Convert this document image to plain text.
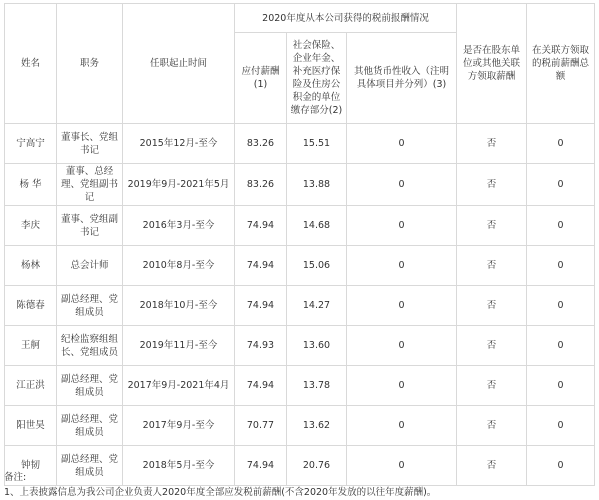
姓名	职务	任职起止时间	2020年度从本公司获得的税前报酬情况			是否在股东单位或其他关联方领取薪酬	在关联方领取的税前薪酬总额
			应付薪酬(1)	社会保险、企业年金、补充医疗保险及住房公积金的单位缴存部分(2)	其他货币性收入（注明具体项目并分列）(3)		
宁高宁	董事长、党组书记	2015年12月-至今	83.26	15.51	0	否	0
杨 华	董事、总经理、党组副书记	2019年9月-2021年5月	83.26	13.88	0	否	0
李庆	董事、党组副书记	2016年3月-至今	74.94	14.68	0	否	0
杨林	总会计师	2010年8月-至今	74.94	15.06	0	否	0
陈德春	副总经理、党组成员	2018年10月-至今	74.94	14.27	0	否	0
王舸	纪检监察组组长、党组成员	2019年11月-至今	74.93	13.60	0	否	0
江正洪	副总经理、党组成员	2017年9月-2021年4月	74.94	13.78	0	否	0
阳世昊	副总经理、党组成员	2017年9月-至今	70.77	13.62	0	否	0
钟韧	副总经理、党组成员	2018年5月-至今	74.94	20.76	0	否	0
备注:
1、上表披露信息为我公司企业负责人2020年度全部应发税前薪酬(不含2020年发放的以往年度薪酬)。
